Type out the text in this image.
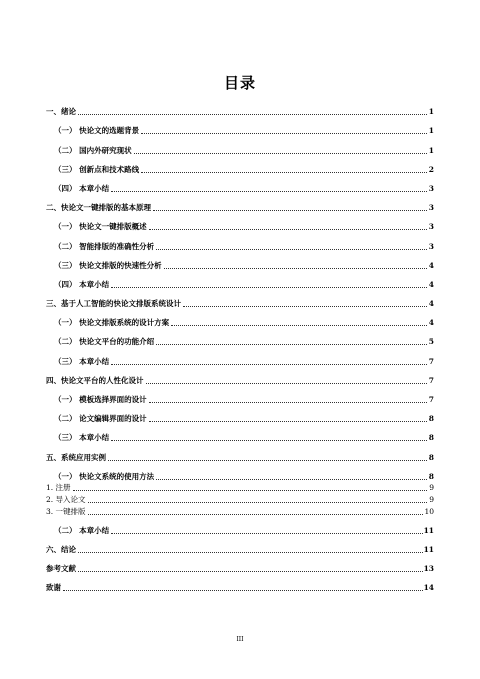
目录
一、绪论	1
（一） 快论文的选题背景	1
（二） 国内外研究现状	1
（三） 创新点和技术路线	2
（四） 本章小结	3
二、快论文一键排版的基本原理	3
（一） 快论文一键排版概述	3
（二） 智能排版的准确性分析	3
（三） 快论文排版的快速性分析	4
（四） 本章小结	4
三、基于人工智能的快论文排版系统设计	4
（一） 快论文排版系统的设计方案	4
（二） 快论文平台的功能介绍	5
（三） 本章小结	7
四、快论文平台的人性化设计	7
（一） 模板选择界面的设计	7
（二） 论文编辑界面的设计	8
（三） 本章小结	8
五、系统应用实例	8
（一） 快论文系统的使用方法	8
1. 注册	9
2. 导入论文	9
3. 一键排版	10
（二） 本章小结	11
六、结论	11
参考文献	13
致谢	14
III
